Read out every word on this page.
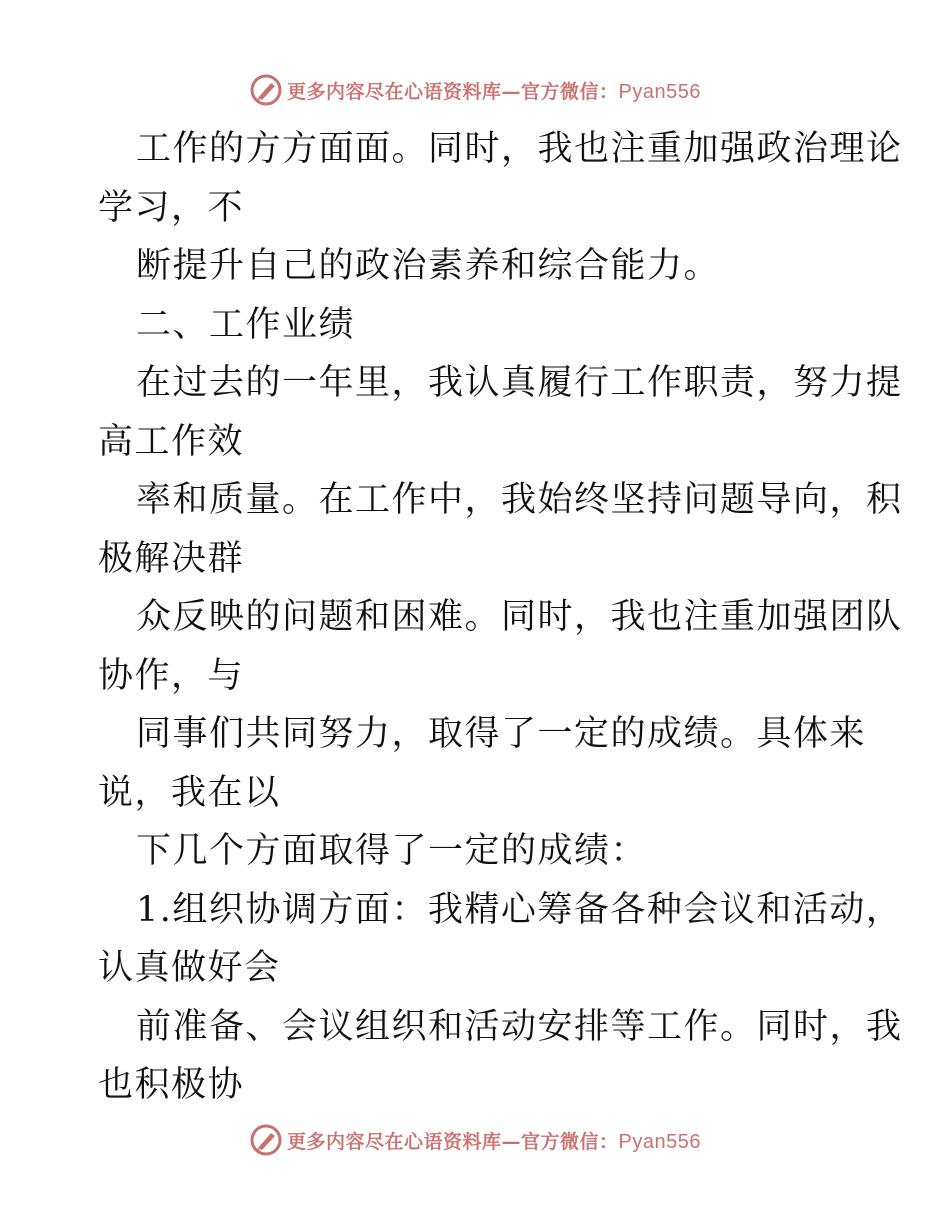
更多内容尽在心语资料库—官方微信：Pyan556
工作的方方面面。同时，我也注重加强政治理论
学习，不
断提升自己的政治素养和综合能力。
二、工作业绩
在过去的一年里，我认真履行工作职责，努力提
高工作效
率和质量。在工作中，我始终坚持问题导向，积
极解决群
众反映的问题和困难。同时，我也注重加强团队
协作，与
同事们共同努力，取得了一定的成绩。具体来
说，我在以
下几个方面取得了一定的成绩：
1.组织协调方面：我精心筹备各种会议和活动，
认真做好会
前准备、会议组织和活动安排等工作。同时，我
也积极协
更多内容尽在心语资料库—官方微信：Pyan556
